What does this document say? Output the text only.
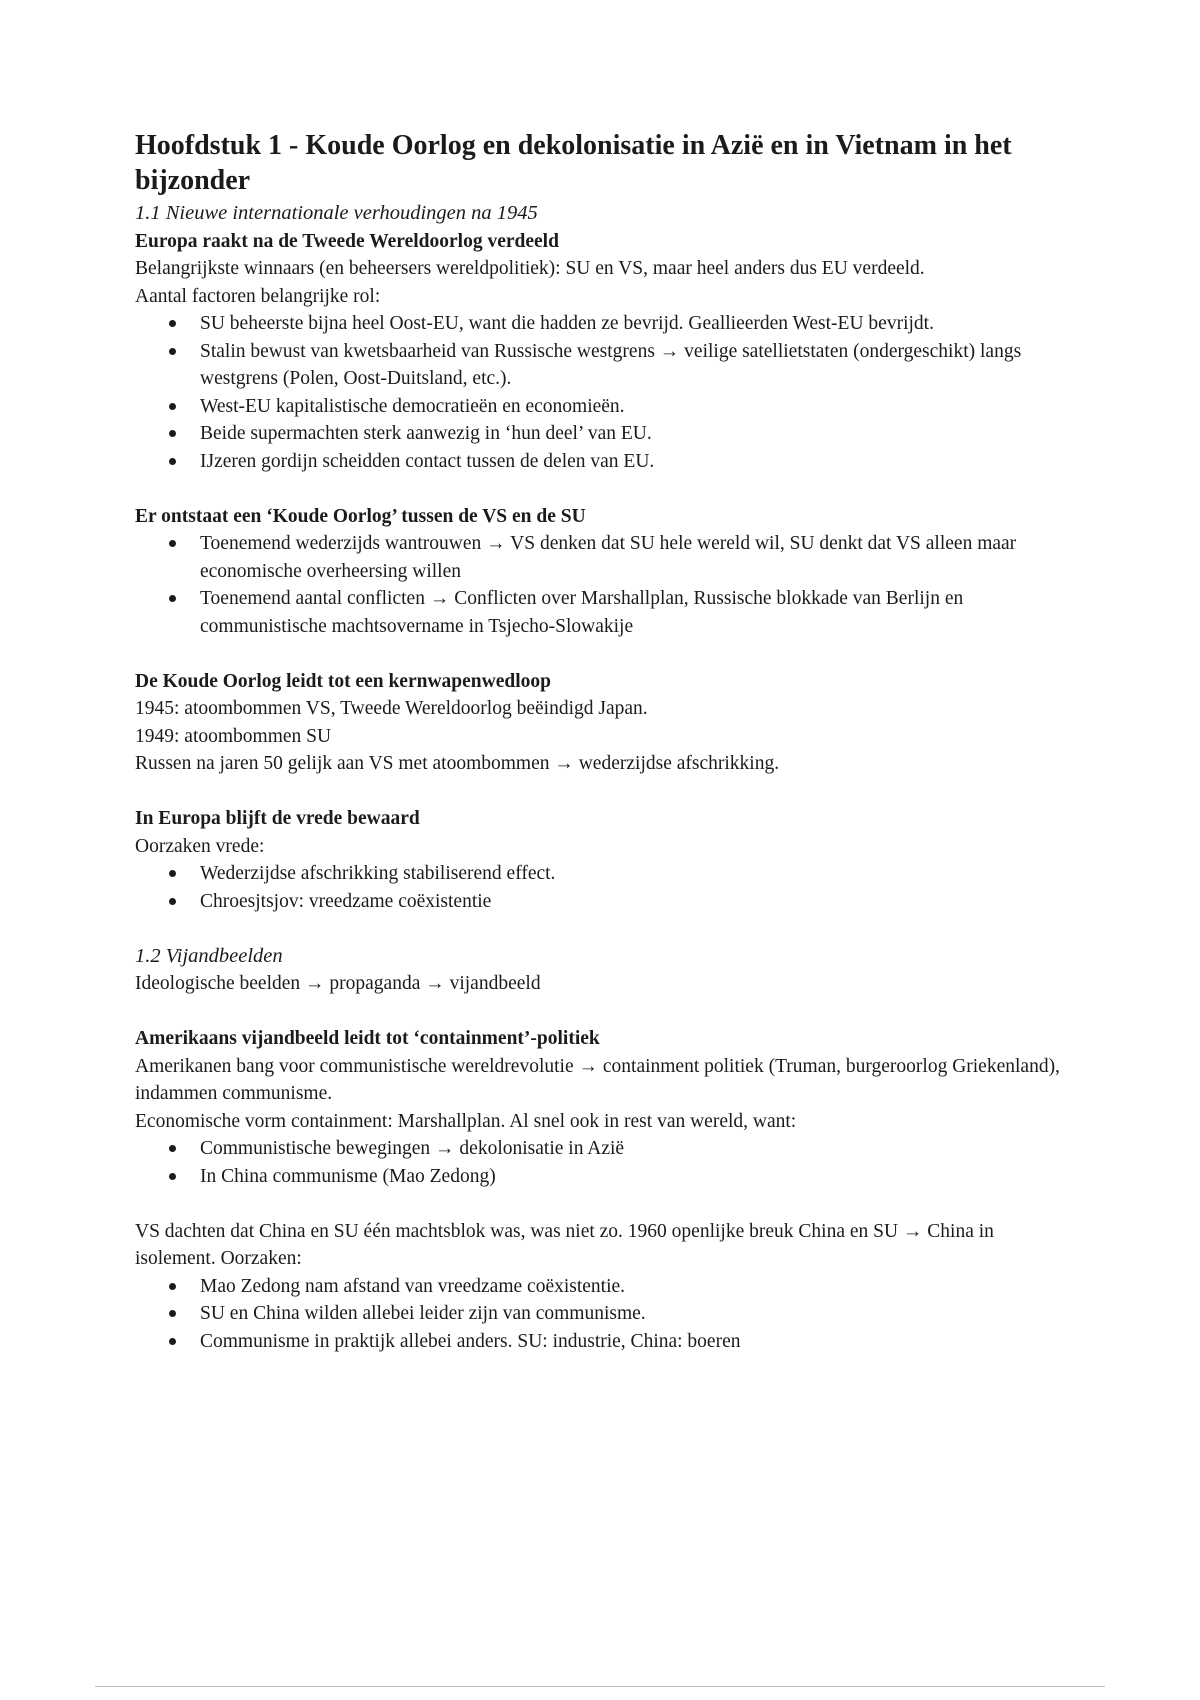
Hoofdstuk 1 - Koude Oorlog en dekolonisatie in Azië en in Vietnam in het bijzonder
1.1 Nieuwe internationale verhoudingen na 1945
Europa raakt na de Tweede Wereldoorlog verdeeld

Belangrijkste winnaars (en beheersers wereldpolitiek): SU en VS, maar heel anders dus EU verdeeld.

Aantal factoren belangrijke rol:

SU beheerste bijna heel Oost-EU, want die hadden ze bevrijd. Geallieerden West-EU bevrijdt.
Stalin bewust van kwetsbaarheid van Russische westgrens → veilige satellietstaten (ondergeschikt) langs westgrens (Polen, Oost-Duitsland, etc.).
West-EU kapitalistische democratieën en economieën.
Beide supermachten sterk aanwezig in ‘hun deel’ van EU.
IJzeren gordijn scheidden contact tussen de delen van EU.
Er ontstaat een ‘Koude Oorlog’ tussen de VS en de SU
Toenemend wederzijds wantrouwen → VS denken dat SU hele wereld wil, SU denkt dat VS alleen maar economische overheersing willen
Toenemend aantal conflicten → Conflicten over Marshallplan, Russische blokkade van Berlijn en communistische machtsovername in Tsjecho-Slowakije
De Koude Oorlog leidt tot een kernwapenwedloop

1945: atoombommen VS, Tweede Wereldoorlog beëindigd Japan.

1949: atoombommen SU

Russen na jaren 50 gelijk aan VS met atoombommen → wederzijdse afschrikking.

In Europa blijft de vrede bewaard

Oorzaken vrede:

Wederzijdse afschrikking stabiliserend effect.
Chroesjtsjov: vreedzame coëxistentie
1.2 Vijandbeelden

Ideologische beelden → propaganda → vijandbeeld

Amerikaans vijandbeeld leidt tot ‘containment’-politiek

Amerikanen bang voor communistische wereldrevolutie → containment politiek (Truman, burgeroorlog Griekenland), indammen communisme.

Economische vorm containment: Marshallplan. Al snel ook in rest van wereld, want:

Communistische bewegingen → dekolonisatie in Azië
In China communisme (Mao Zedong)

VS dachten dat China en SU één machtsblok was, was niet zo. 1960 openlijke breuk China en SU → China in isolement. Oorzaken:

Mao Zedong nam afstand van vreedzame coëxistentie.
SU en China wilden allebei leider zijn van communisme.
Communisme in praktijk allebei anders. SU: industrie, China: boeren
